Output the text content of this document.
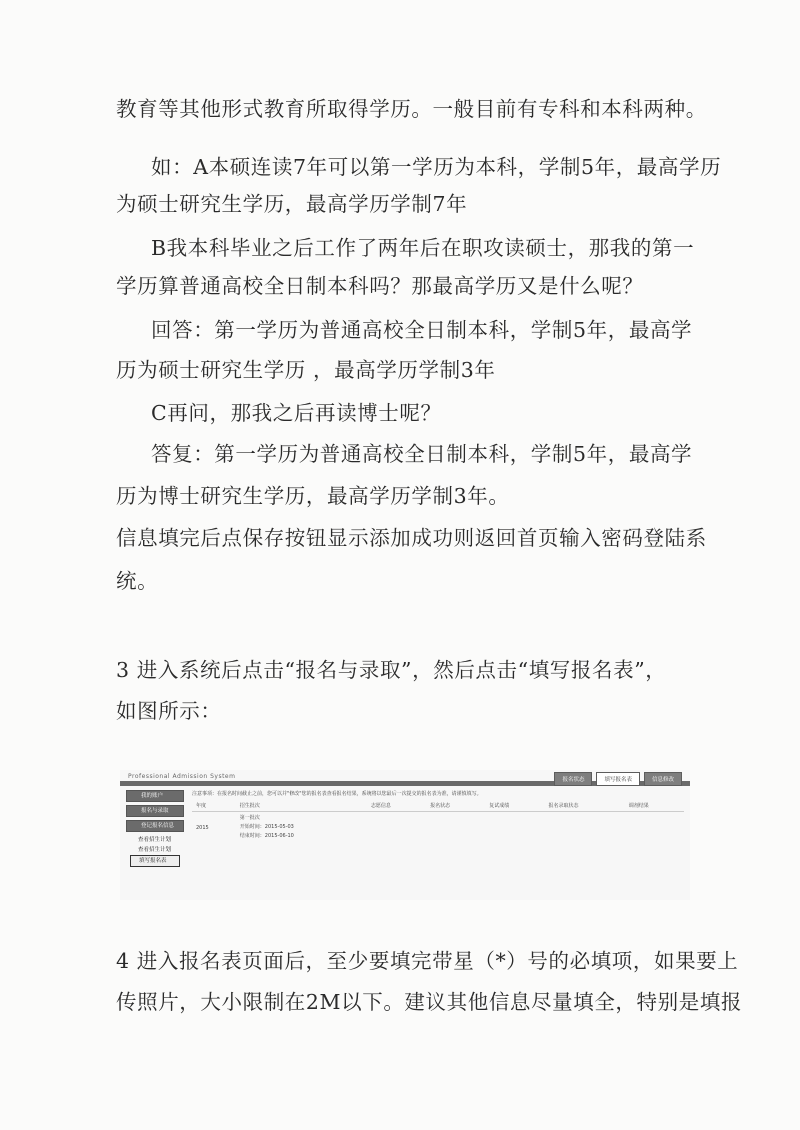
教育等其他形式教育所取得学历。一般目前有专科和本科两种。
如：A本硕连读7年可以第一学历为本科，学制5年，最高学历
为硕士研究生学历，最高学历学制7年
B我本科毕业之后工作了两年后在职攻读硕士，那我的第一
学历算普通高校全日制本科吗？那最高学历又是什么呢？
回答：第一学历为普通高校全日制本科，学制5年，最高学
历为硕士研究生学历 ，最高学历学制3年
C再问，那我之后再读博士呢？
答复：第一学历为普通高校全日制本科，学制5年，最高学
历为博士研究生学历，最高学历学制3年。
信息填完后点保存按钮显示添加成功则返回首页输入密码登陆系
统。
3 进入系统后点击“报名与录取”，然后点击“填写报名表”，
如图所示：
4 进入报名表页面后，至少要填完带星（*）号的必填项，如果要上
传照片，大小限制在2M以下。建议其他信息尽量填全，特别是填报
Professional Admission System	报名状态	填写报名表	信息修改
我的账户
报名与录取
登记报名信息
查看招生计划
查看招生计划
填写报名表
注意事项：在报名时间截止之前，您可以并"修改"您的报名表查看报名结果，系统将以您最后一次提交的报名表为准，请谨慎填写。
年度	招生批次	志愿信息	报名状态	复试成绩	报名录取状态	调剂结果
2015	第一批次
开始时间：2015-05-03
结束时间：2015-06-10					
